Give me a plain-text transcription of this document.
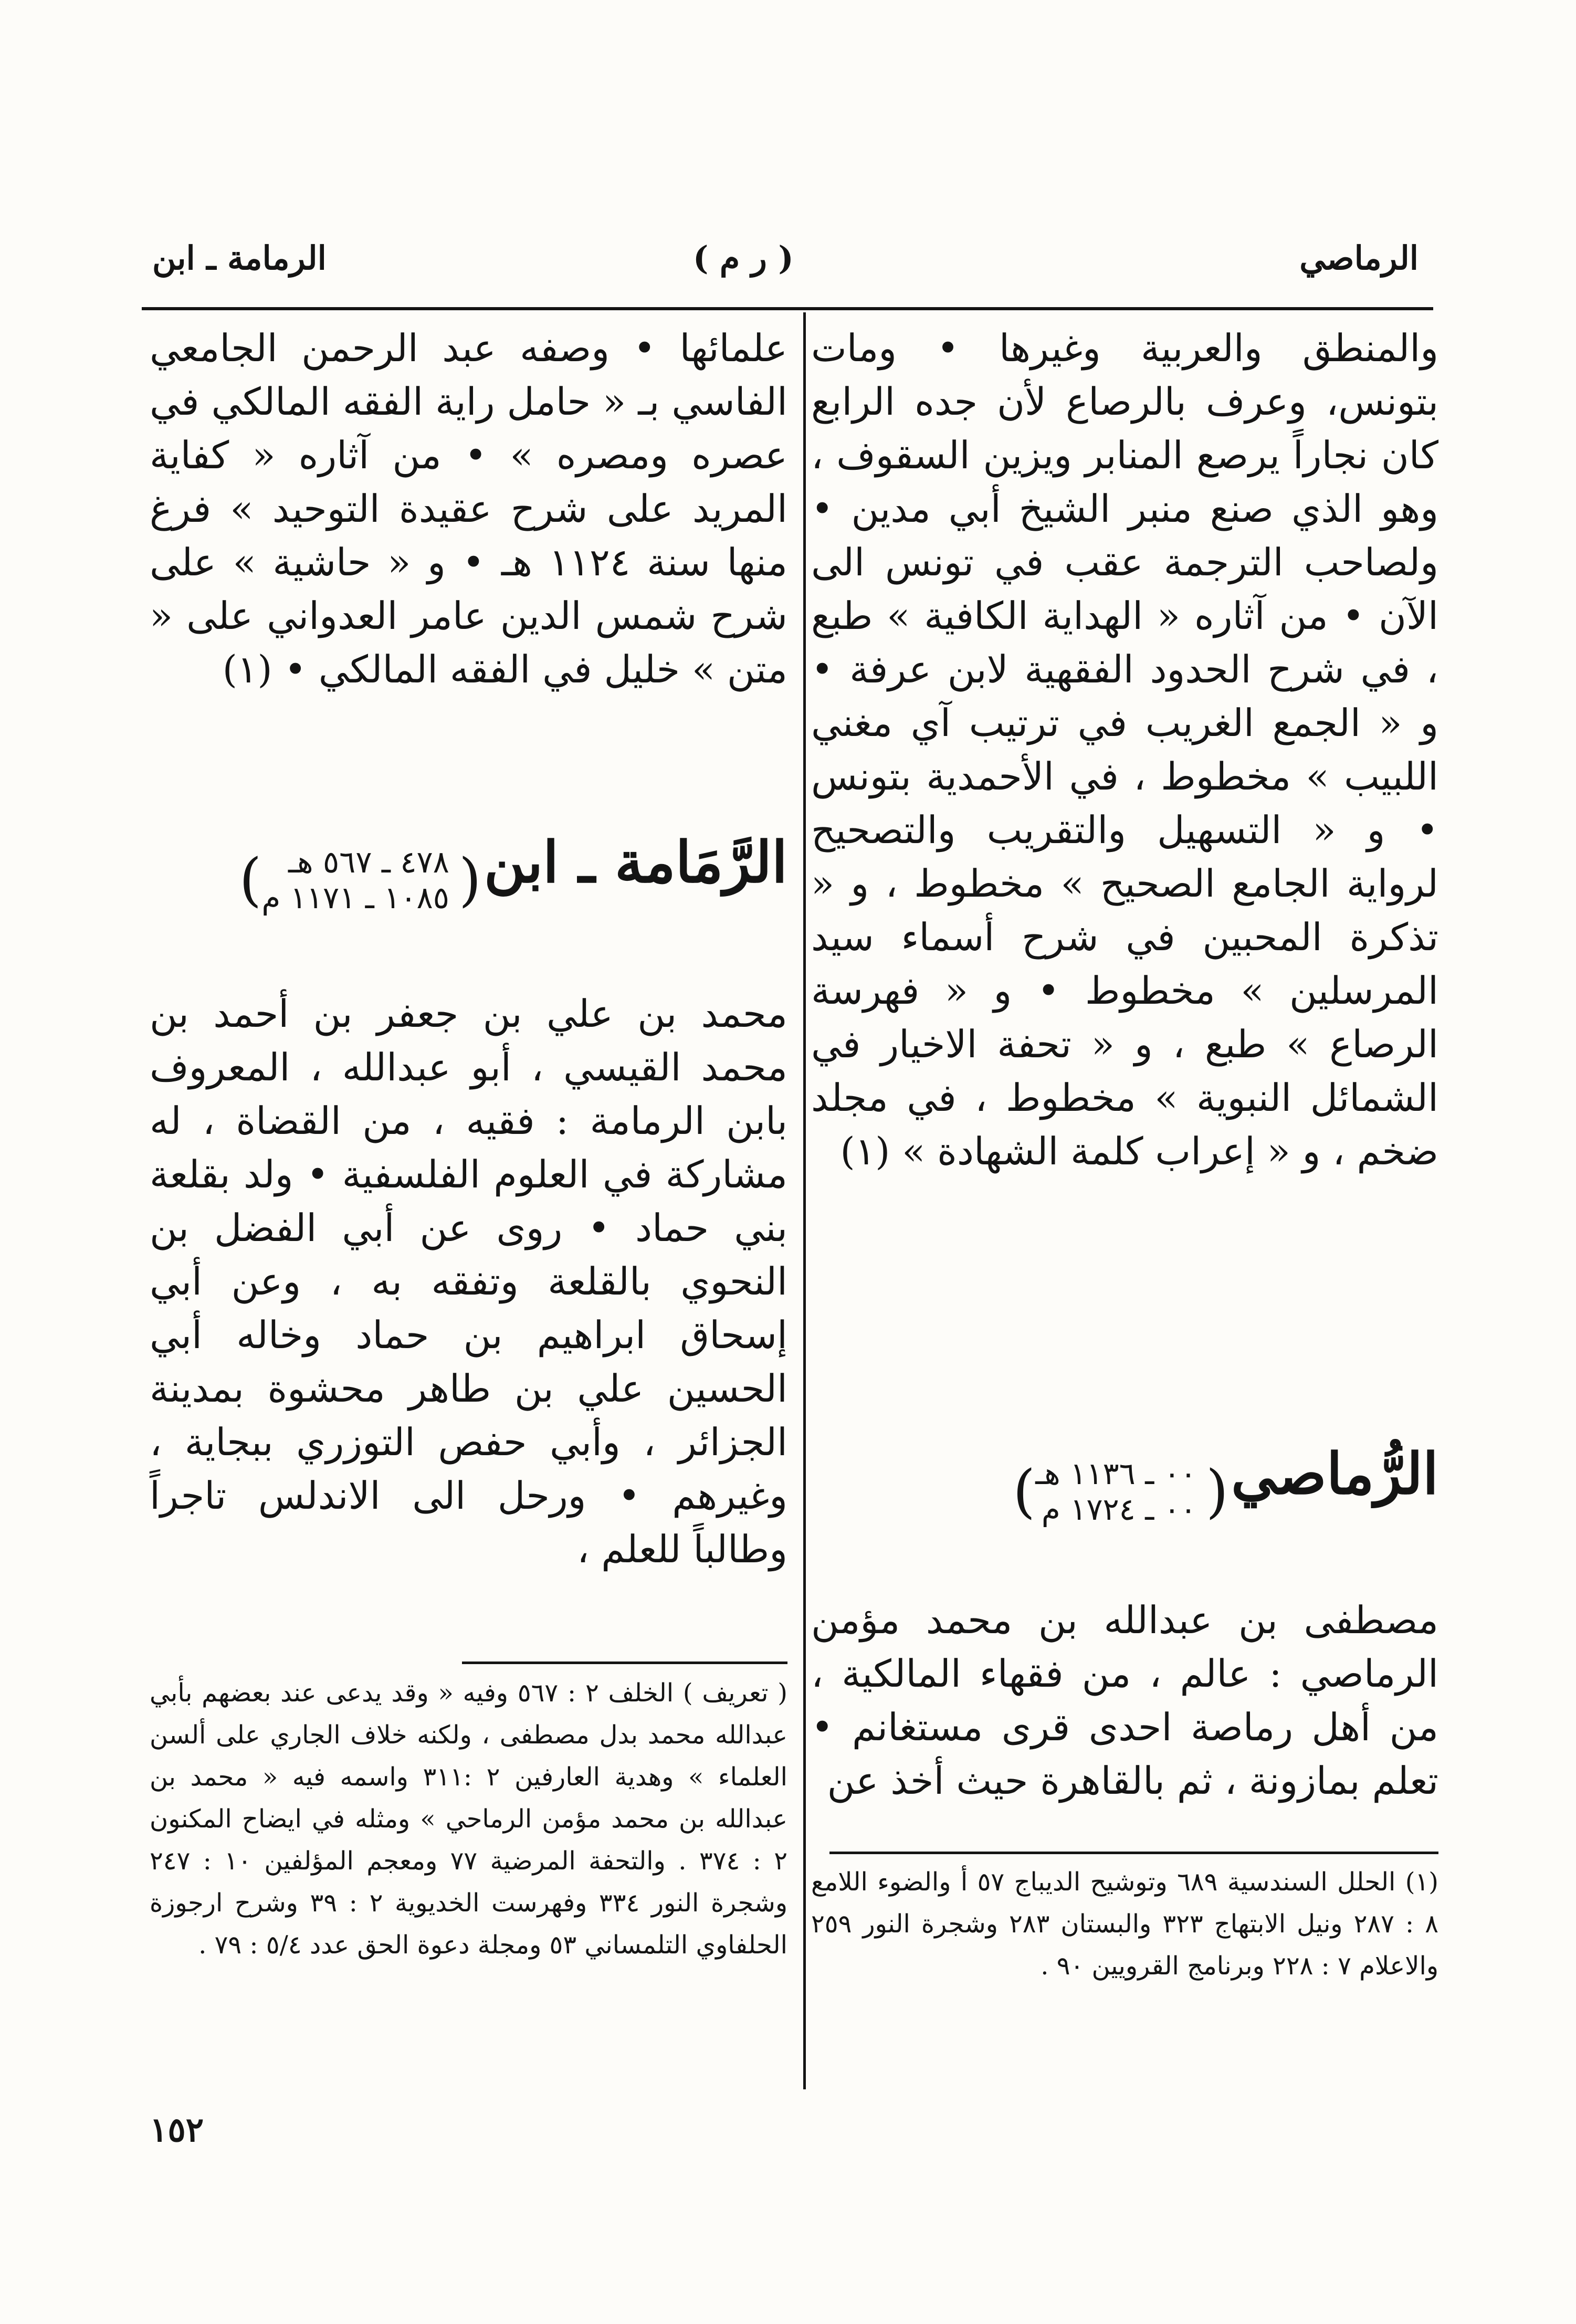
الرماصي
( ر م )
الرمامة ـ ابن

والمنطق والعربية وغيرها • ومات بتونس، وعرف بالرصاع لأن جده الرابع كان نجاراً يرصع المنابر ويزين السقوف ، وهو الذي صنع منبر الشيخ أبي مدين • ولصاحب الترجمة عقب في تونس الى الآن • من آثاره « الهداية الكافية » طبع ، في شرح الحدود الفقهية لابن عرفة • و « الجمع الغريب في ترتيب آي مغني اللبيب » مخطوط ، في الأحمدية بتونس • و « التسهيل والتقريب والتصحيح لرواية الجامع الصحيح » مخطوط ، و « تذكرة المحبين في شرح أسماء سيد المرسلين » مخطوط • و « فهرسة الرصاع » طبع ، و « تحفة الاخيار في الشمائل النبوية » مخطوط ، في مجلد ضخم ، و « إعراب كلمة الشهادة » (١)

الرُّماصي (٠٠ ـ ١١٣٦ هـ
٠٠ ـ ١٧٢٤ م)

مصطفى بن عبدالله بن محمد مؤمن الرماصي : عالم ، من فقهاء المالكية ، من أهل رماصة احدى قرى مستغانم • تعلم بمازونة ، ثم بالقاهرة حيث أخذ عن

(١) الحلل السندسية ٦٨٩ وتوشيح الديباج ٥٧ أ والضوء اللامع ٨ : ٢٨٧ ونيل الابتهاج ٣٢٣ والبستان ٢٨٣ وشجرة النور ٢٥٩ والاعلام ٧ : ٢٢٨ وبرنامج القرويين ٩٠ .

علمائها • وصفه عبد الرحمن الجامعي الفاسي بـ « حامل راية الفقه المالكي في عصره ومصره » • من آثاره « كفاية المريد على شرح عقيدة التوحيد » فرغ منها سنة ١١٢٤ هـ • و « حاشية » على شرح شمس الدين عامر العدواني على « متن » خليل في الفقه المالكي • (١)

الرَّمَامة ـ ابن (٤٧٨ ـ ٥٦٧ هـ
١٠٨٥ ـ ١١٧١ م)

محمد بن علي بن جعفر بن أحمد بن محمد القيسي ، أبو عبدالله ، المعروف بابن الرمامة : فقيه ، من القضاة ، له مشاركة في العلوم الفلسفية • ولد بقلعة بني حماد • روى عن أبي الفضل بن النحوي بالقلعة وتفقه به ، وعن أبي إسحاق ابراهيم بن حماد وخاله أبي الحسين علي بن طاهر محشوة بمدينة الجزائر ، وأبي حفص التوزري ببجاية ، وغيرهم • ورحل الى الاندلس تاجراً وطالباً للعلم ،

( تعريف ) الخلف ٢ : ٥٦٧ وفيه « وقد يدعى عند بعضهم بأبي عبدالله محمد بدل مصطفى ، ولكنه خلاف الجاري على ألسن العلماء » وهدية العارفين ٢ :٣١١ واسمه فيه « محمد بن عبدالله بن محمد مؤمن الرماحي » ومثله في ايضاح المكنون ٢ : ٣٧٤ . والتحفة المرضية ٧٧ ومعجم المؤلفين ١٠ : ٢٤٧ وشجرة النور ٣٣٤ وفهرست الخديوية ٢ : ٣٩ وشرح ارجوزة الحلفاوي التلمساني ٥٣ ومجلة دعوة الحق عدد ٥/٤ : ٧٩ .

١٥٢
